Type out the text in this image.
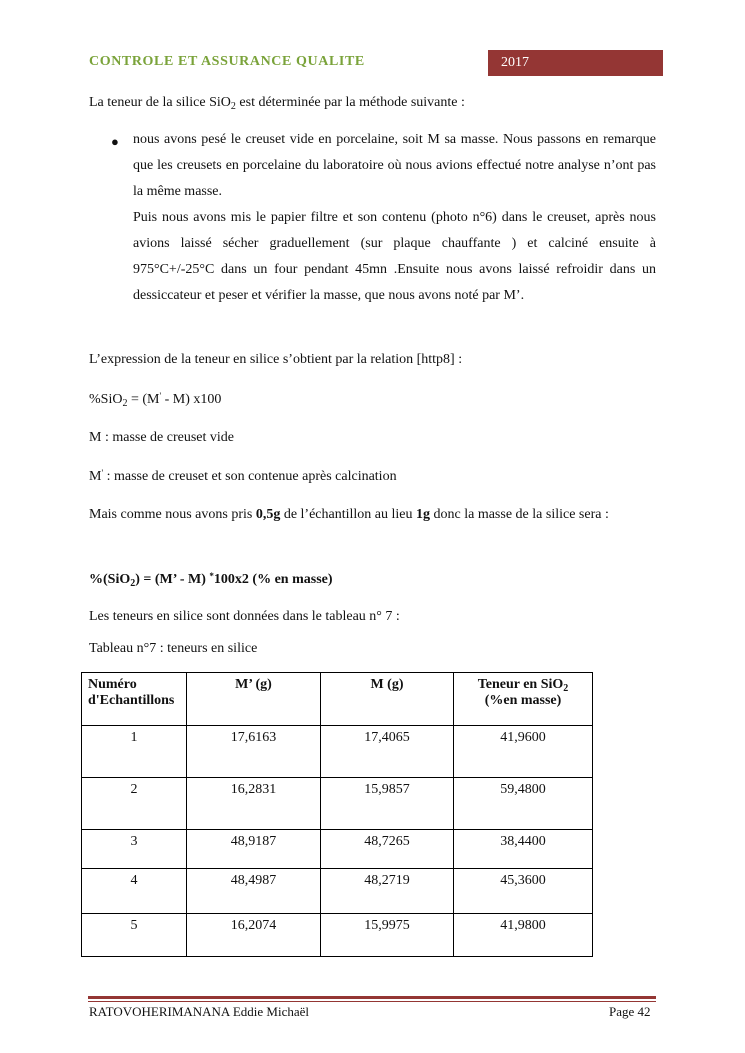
CONTROLE ET ASSURANCE QUALITE	2017
La teneur de la silice SiO$_2$ est déterminée par la méthode suivante :
● nous avons pesé le creuset vide en porcelaine, soit M sa masse. Nous passons en remarque que les creusets en porcelaine du laboratoire où nous avions effectué notre analyse n’ont pas la même masse.
Puis nous avons mis le papier filtre et son contenu (photo n°6) dans le creuset, après nous avions laissé sécher graduellement (sur plaque chauffante ) et calciné ensuite à 975°C+/-25°C dans un four pendant 45mn .Ensuite nous avons laissé refroidir dans un dessiccateur et peser et vérifier la masse, que nous avons noté par M’.
L’expression de la teneur en silice s’obtient par la relation [http8] :
%SiO$_2$ = (M' - M) x100
M : masse de creuset vide
M' : masse de creuset et son contenue après calcination
Mais comme nous avons pris 0,5g de l’échantillon au lieu 1g donc la masse de la silice sera :
%(SiO$_2$) = (M’ - M) *100x2 (% en masse)
Les teneurs en silice sont données dans le tableau n° 7 :
Tableau n°7 : teneurs en silice
Numéro d'Echantillons	M’ (g)	M (g)	Teneur en SiO$_2$
(%en masse)
1	17,6163	17,4065	41,9600
2	16,2831	15,9857	59,4800
3	48,9187	48,7265	38,4400
4	48,4987	48,2719	45,3600
5	16,2074	15,9975	41,9800
RATOVOHERIMANANA Eddie Michaël	Page 42
